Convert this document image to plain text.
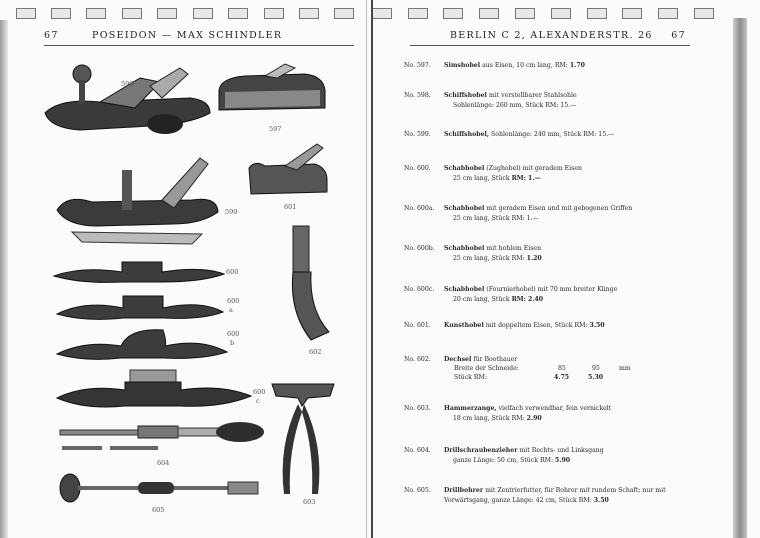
67	POSEIDON — MAX SCHINDLER	BERLIN C 2, ALEXANDERSTR. 26 67
598
597
599
601
600
600
a
600
b
602
600
c
603
604
605
No. 597. Simshobel aus Eisen, 10 cm lang, RM: 1.70
No. 598. Schiffshobel mit verstellbarer Stahlsohle
Sohlenlänge: 260 mm, Stück RM: 15.—
No. 599. Schiffshobel, Sohlenlänge: 240 mm, Stück RM: 15.—
No. 600. Schabhobel (Zughobel) mit geradem Eisen
25 cm lang, Stück RM: 1.—
No. 600a. Schabhobel mit geradem Eisen und mit gebogenen Griffen
25 cm lang, Stück RM: 1.—
No. 600b. Schabhobel mit hohlem Eisen
25 cm lang, Stück RM: 1.20
No. 600c. Schabhobel (Fournierhobel) mit 70 mm breiter Klinge
20 cm lang, Stück RM: 2.40
No. 601. Kunsthobel mit doppeltem Eisen, Stück RM: 3.50
No. 602. Dechsel für Boothauer
Breite der Schneide:	85	95	mm
Stück RM:	4.75	5.30
No. 603. Hammerzange, vielfach verwendbar, fein vernickelt
18 cm lang, Stück RM: 2.90
No. 604. Drillschraubenzieher mit Rechts- und Linksgang
ganze Länge: 50 cm, Stück RM: 5.90
No. 605. Drillbohrer mit Zentrierfutter, für Bohrer mit rundem Schaft; nur mit
Vorwärtsgang, ganze Länge: 42 cm, Stück RM: 3.50
